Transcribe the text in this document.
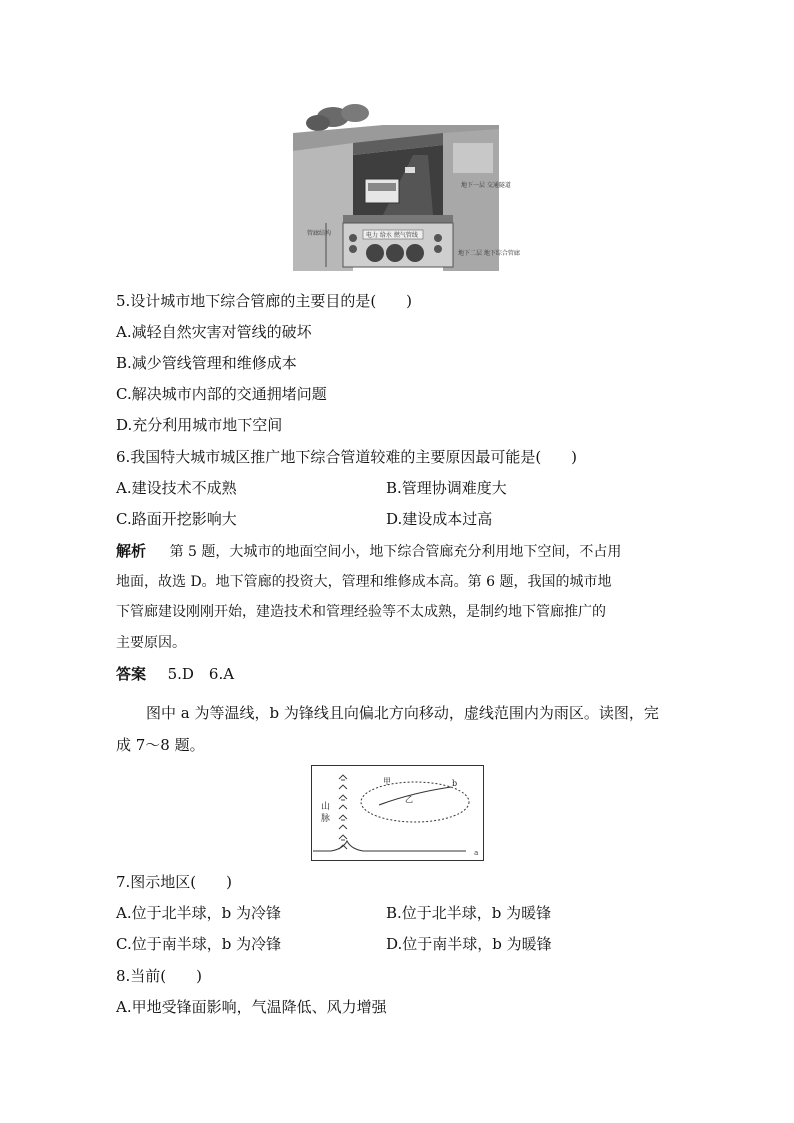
电力 给水 燃气管线
管廊结构
地下一层 交通隧道
地下二层 地下综合管廊
5.设计城市地下综合管廊的主要目的是(　　)
A.减轻自然灾害对管线的破坏
B.减少管线管理和维修成本
C.解决城市内部的交通拥堵问题
D.充分利用城市地下空间
6.我国特大城市城区推广地下综合管道较难的主要原因最可能是(　　)
A.建设技术不成熟	B.管理协调难度大
C.路面开挖影响大	D.建设成本过高
解析 第 5 题，大城市的地面空间小，地下综合管廊充分利用地下空间，不占用
地面，故选 D。地下管廊的投资大，管理和维修成本高。第 6 题，我国的城市地
下管廊建设刚刚开始，建造技术和管理经验等不太成熟，是制约地下管廊推广的
主要原因。
答案 5.D　6.A
图中 a 为等温线，b 为锋线且向偏北方向移动，虚线范围内为雨区。读图，完
成 7～8 题。
山
脉
a
甲
乙
b
7.图示地区(　　)
A.位于北半球，b 为冷锋	B.位于北半球，b 为暖锋
C.位于南半球，b 为冷锋	D.位于南半球，b 为暖锋
8.当前(　　)
A.甲地受锋面影响，气温降低、风力增强
